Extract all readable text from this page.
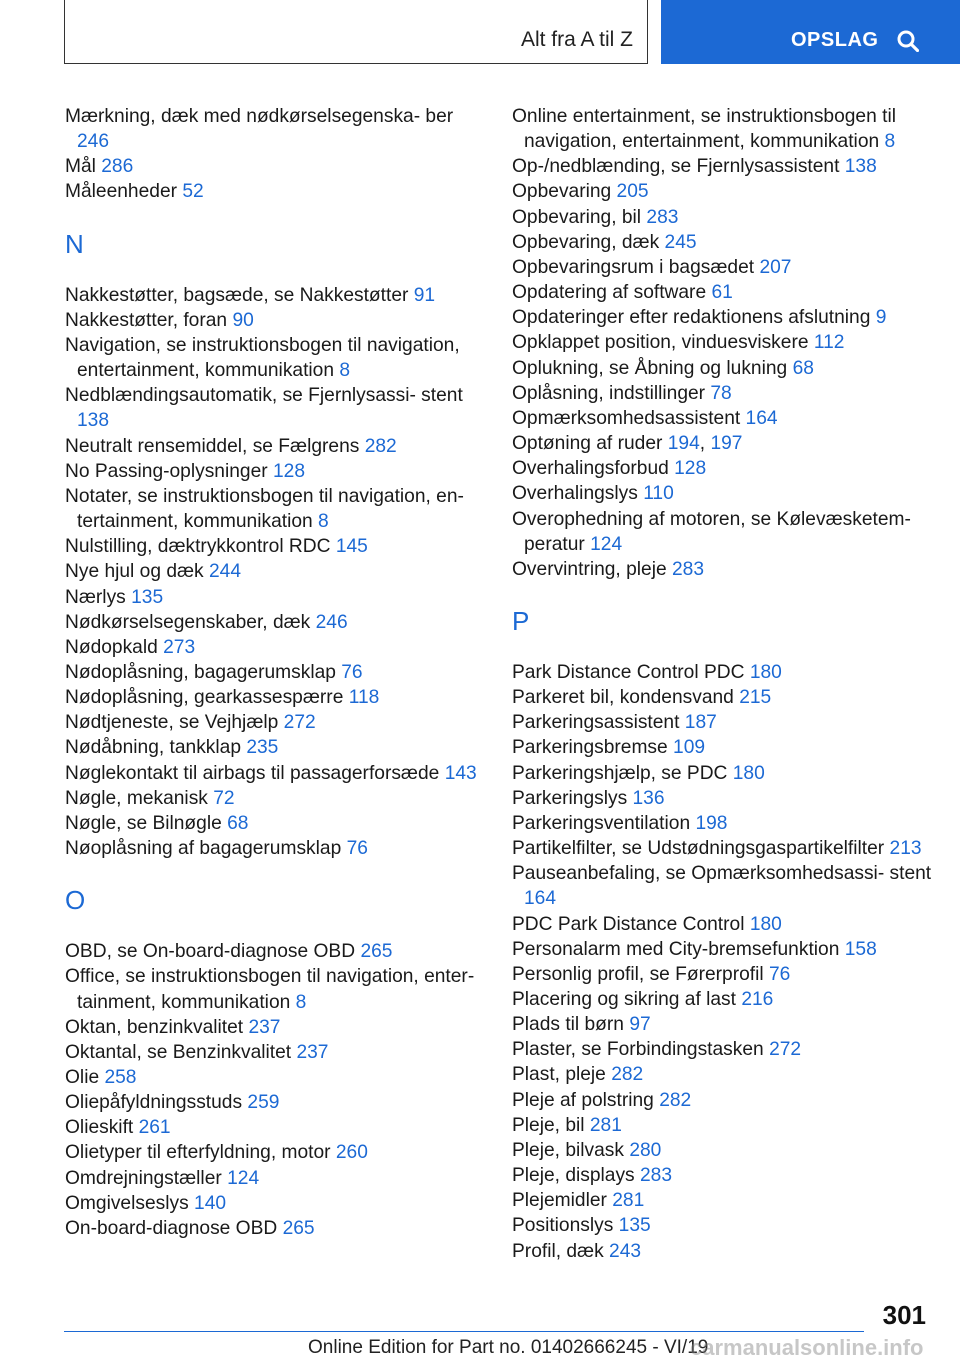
Alt fra A til Z	OPSLAG
Mærkning, dæk med nødkørselsegenska‐ ber 246
Mål 286
Måleenheder 52
N
Nakkestøtter, bagsæde, se Nakkestøtter 91
Nakkestøtter, foran 90
Navigation, se instruktionsbogen til navigation, entertainment, kommunikation 8
Nedblændingsautomatik, se Fjernlysassi‐ stent 138
Neutralt rensemiddel, se Fælgrens 282
No Passing-oplysninger 128
Notater, se instruktionsbogen til navigation, en‐ tertainment, kommunikation 8
Nulstilling, dæktrykkontrol RDC 145
Nye hjul og dæk 244
Nærlys 135
Nødkørselsegenskaber, dæk 246
Nødopkald 273
Nødoplåsning, bagagerumsklap 76
Nødoplåsning, gearkassespærre 118
Nødtjeneste, se Vejhjælp 272
Nødåbning, tankklap 235
Nøglekontakt til airbags til passagerforsæde 143
Nøgle, mekanisk 72
Nøgle, se Bilnøgle 68
Nøoplåsning af bagagerumsklap 76
O
OBD, se On-board-diagnose OBD 265
Office, se instruktionsbogen til navigation, enter‐ tainment, kommunikation 8
Oktan, benzinkvalitet 237
Oktantal, se Benzinkvalitet 237
Olie 258
Oliepåfyldningsstuds 259
Olieskift 261
Olietyper til efterfyldning, motor 260
Omdrejningstæller 124
Omgivelseslys 140
On-board-diagnose OBD 265
Online entertainment, se instruktionsbogen til navigation, entertainment, kommunikation 8
Op-/nedblænding, se Fjernlysassistent 138
Opbevaring 205
Opbevaring, bil 283
Opbevaring, dæk 245
Opbevaringsrum i bagsædet 207
Opdatering af software 61
Opdateringer efter redaktionens afslutning 9
Opklappet position, vinduesviskere 112
Oplukning, se Åbning og lukning 68
Oplåsning, indstillinger 78
Opmærksomhedsassistent 164
Optøning af ruder 194, 197
Overhalingsforbud 128
Overhalingslys 110
Overophedning af motoren, se Kølevæsketem‐ peratur 124
Overvintring, pleje 283
P
Park Distance Control PDC 180
Parkeret bil, kondensvand 215
Parkeringsassistent 187
Parkeringsbremse 109
Parkeringshjælp, se PDC 180
Parkeringslys 136
Parkeringsventilation 198
Partikelfilter, se Udstødningsgaspartikelfilter 213
Pauseanbefaling, se Opmærksomhedsassi‐ stent 164
PDC Park Distance Control 180
Personalarm med City-bremsefunktion 158
Personlig profil, se Førerprofil 76
Placering og sikring af last 216
Plads til børn 97
Plaster, se Forbindingstasken 272
Plast, pleje 282
Pleje af polstring 282
Pleje, bil 281
Pleje, bilvask 280
Pleje, displays 283
Plejemidler 281
Positionslys 135
Profil, dæk 243
301
Online Edition for Part no. 01402666245 - VI/19
carmanualsonline.info
